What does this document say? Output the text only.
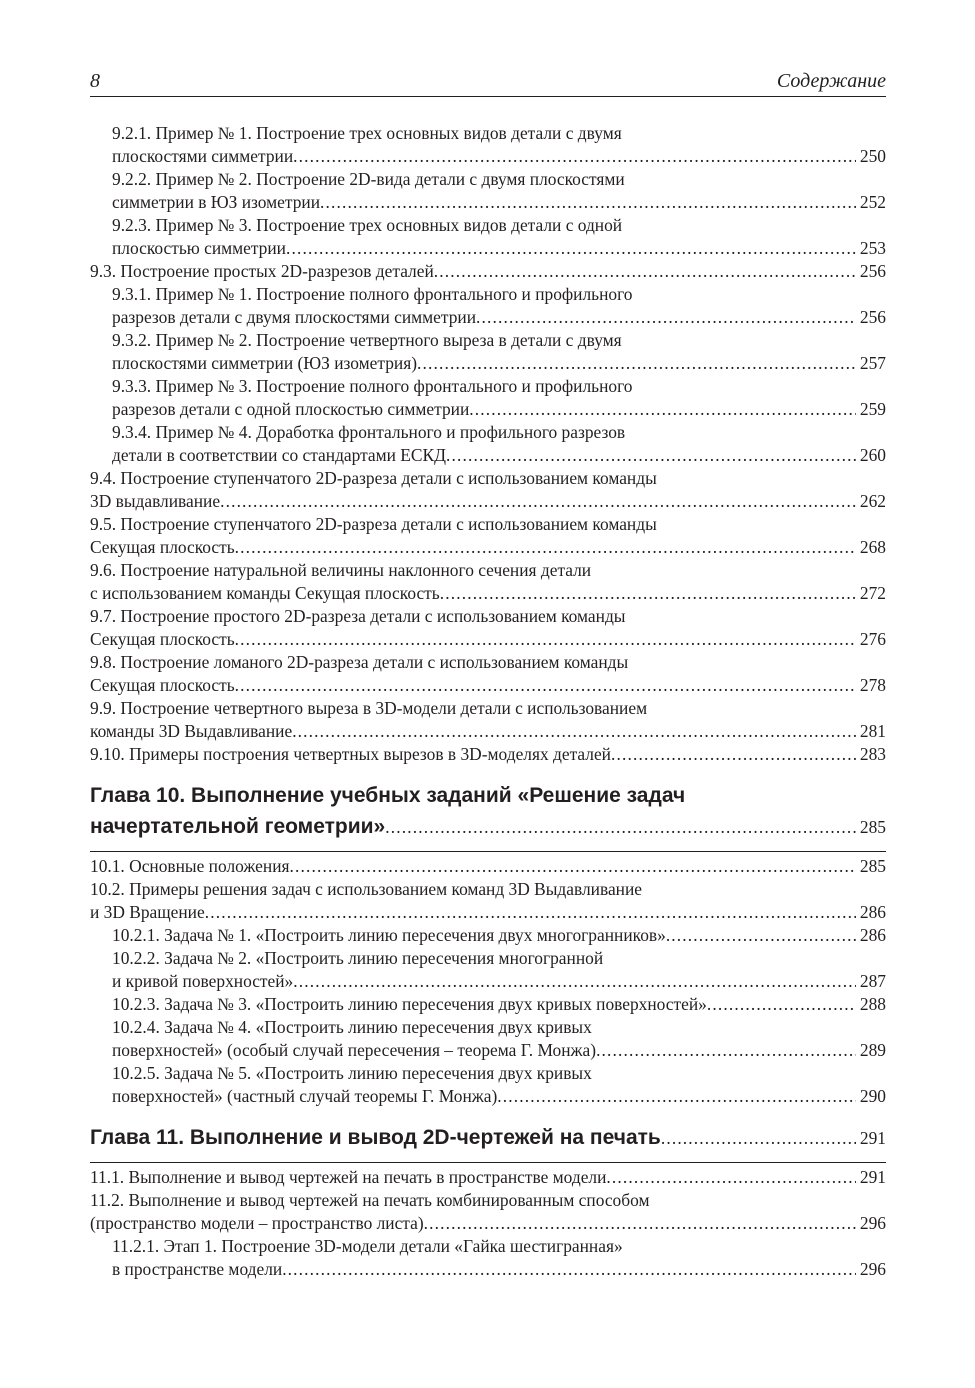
8	Содержание
9.2.1. Пример № 1. Построение трех основных видов детали с двумя
плоскостями симметрии . . .	250
9.2.2. Пример № 2. Построение 2D-вида детали с двумя плоскостями
симметрии в ЮЗ изометрии . . .	252
9.2.3. Пример № 3. Построение трех основных видов детали с одной
плоскостью симметрии . . .	253
9.3. Построение простых 2D-разрезов деталей . . .	256
9.3.1. Пример № 1. Построение полного фронтального и профильного
разрезов детали с двумя плоскостями симметрии . . .	256
9.3.2. Пример № 2. Построение четвертного выреза в детали с двумя
плоскостями симметрии (ЮЗ изометрия) . . .	257
9.3.3. Пример № 3. Построение полного фронтального и профильного
разрезов детали с одной плоскостью симметрии . . .	259
9.3.4. Пример № 4. Доработка фронтального и профильного разрезов
детали в соответствии со стандартами ЕСКД . . .	260
9.4. Построение ступенчатого 2D-разреза детали с использованием команды
3D выдавливание . . .	262
9.5. Построение ступенчатого 2D-разреза детали с использованием команды
Секущая плоскость . . .	268
9.6. Построение натуральной величины наклонного сечения детали
с использованием команды Секущая плоскость . . .	272
9.7. Построение простого 2D-разреза детали с использованием команды
Секущая плоскость . . .	276
9.8. Построение ломаного 2D-разреза детали с использованием команды
Секущая плоскость . . .	278
9.9. Построение четвертного выреза в 3D-модели детали с использованием
команды 3D Выдавливание . . .	281
9.10. Примеры построения четвертных вырезов в 3D-моделях деталей . . .	283
Глава 10. Выполнение учебных заданий «Решение задач
начертательной геометрии» . . .	285
10.1. Основные положения . . .	285
10.2. Примеры решения задач с использованием команд 3D Выдавливание
и 3D Вращение . . .	286
10.2.1. Задача № 1. «Построить линию пересечения двух многогранников» . . .	286
10.2.2. Задача № 2. «Построить линию пересечения многогранной
и кривой поверхностей» . . .	287
10.2.3. Задача № 3. «Построить линию пересечения двух кривых поверхностей» . . .	288
10.2.4. Задача № 4. «Построить линию пересечения двух кривых
поверхностей» (особый случай пересечения – теорема Г. Монжа) . . .	289
10.2.5. Задача № 5. «Построить линию пересечения двух кривых
поверхностей» (частный случай теоремы Г. Монжа) . . .	290
Глава 11. Выполнение и вывод 2D-чертежей на печать . . .	291
11.1. Выполнение и вывод чертежей на печать в пространстве модели . . .	291
11.2. Выполнение и вывод чертежей на печать комбинированным способом
(пространство модели – пространство листа) . . .	296
11.2.1. Этап 1. Построение 3D-модели детали «Гайка шестигранная»
в пространстве модели . . .	296
